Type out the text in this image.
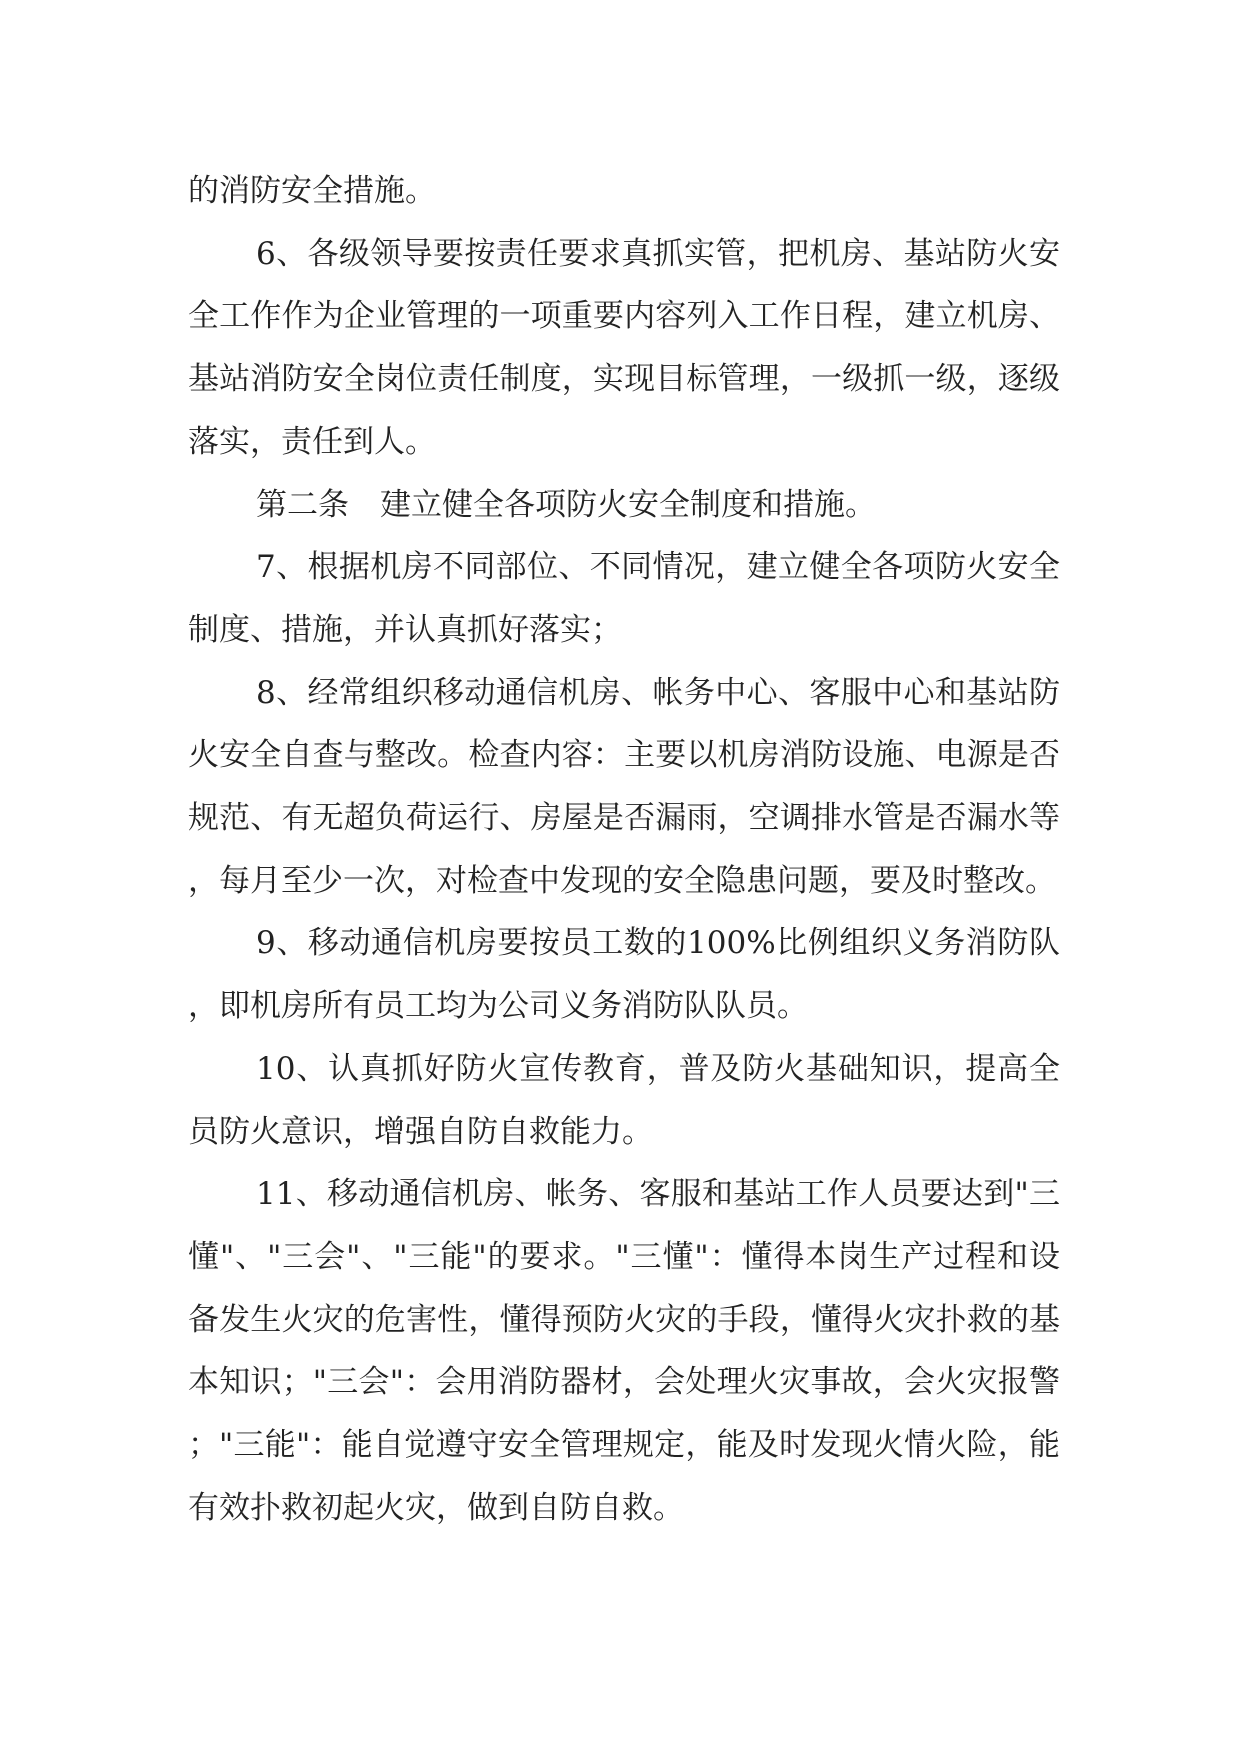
的消防安全措施。

6、各级领导要按责任要求真抓实管，把机房、基站防火安全工作作为企业管理的一项重要内容列入工作日程，建立机房、基站消防安全岗位责任制度，实现目标管理，一级抓一级，逐级落实，责任到人。

第二条　建立健全各项防火安全制度和措施。

7、根据机房不同部位、不同情况，建立健全各项防火安全制度、措施，并认真抓好落实；

8、经常组织移动通信机房、帐务中心、客服中心和基站防火安全自查与整改。检查内容：主要以机房消防设施、电源是否规范、有无超负荷运行、房屋是否漏雨，空调排水管是否漏水等，每月至少一次，对检查中发现的安全隐患问题，要及时整改。

9、移动通信机房要按员工数的100%比例组织义务消防队，即机房所有员工均为公司义务消防队队员。

10、认真抓好防火宣传教育，普及防火基础知识，提高全员防火意识，增强自防自救能力。

11、移动通信机房、帐务、客服和基站工作人员要达到"三懂"、"三会"、"三能"的要求。"三懂"：懂得本岗生产过程和设备发生火灾的危害性，懂得预防火灾的手段，懂得火灾扑救的基本知识；"三会"：会用消防器材，会处理火灾事故，会火灾报警；"三能"：能自觉遵守安全管理规定，能及时发现火情火险，能有效扑救初起火灾，做到自防自救。
